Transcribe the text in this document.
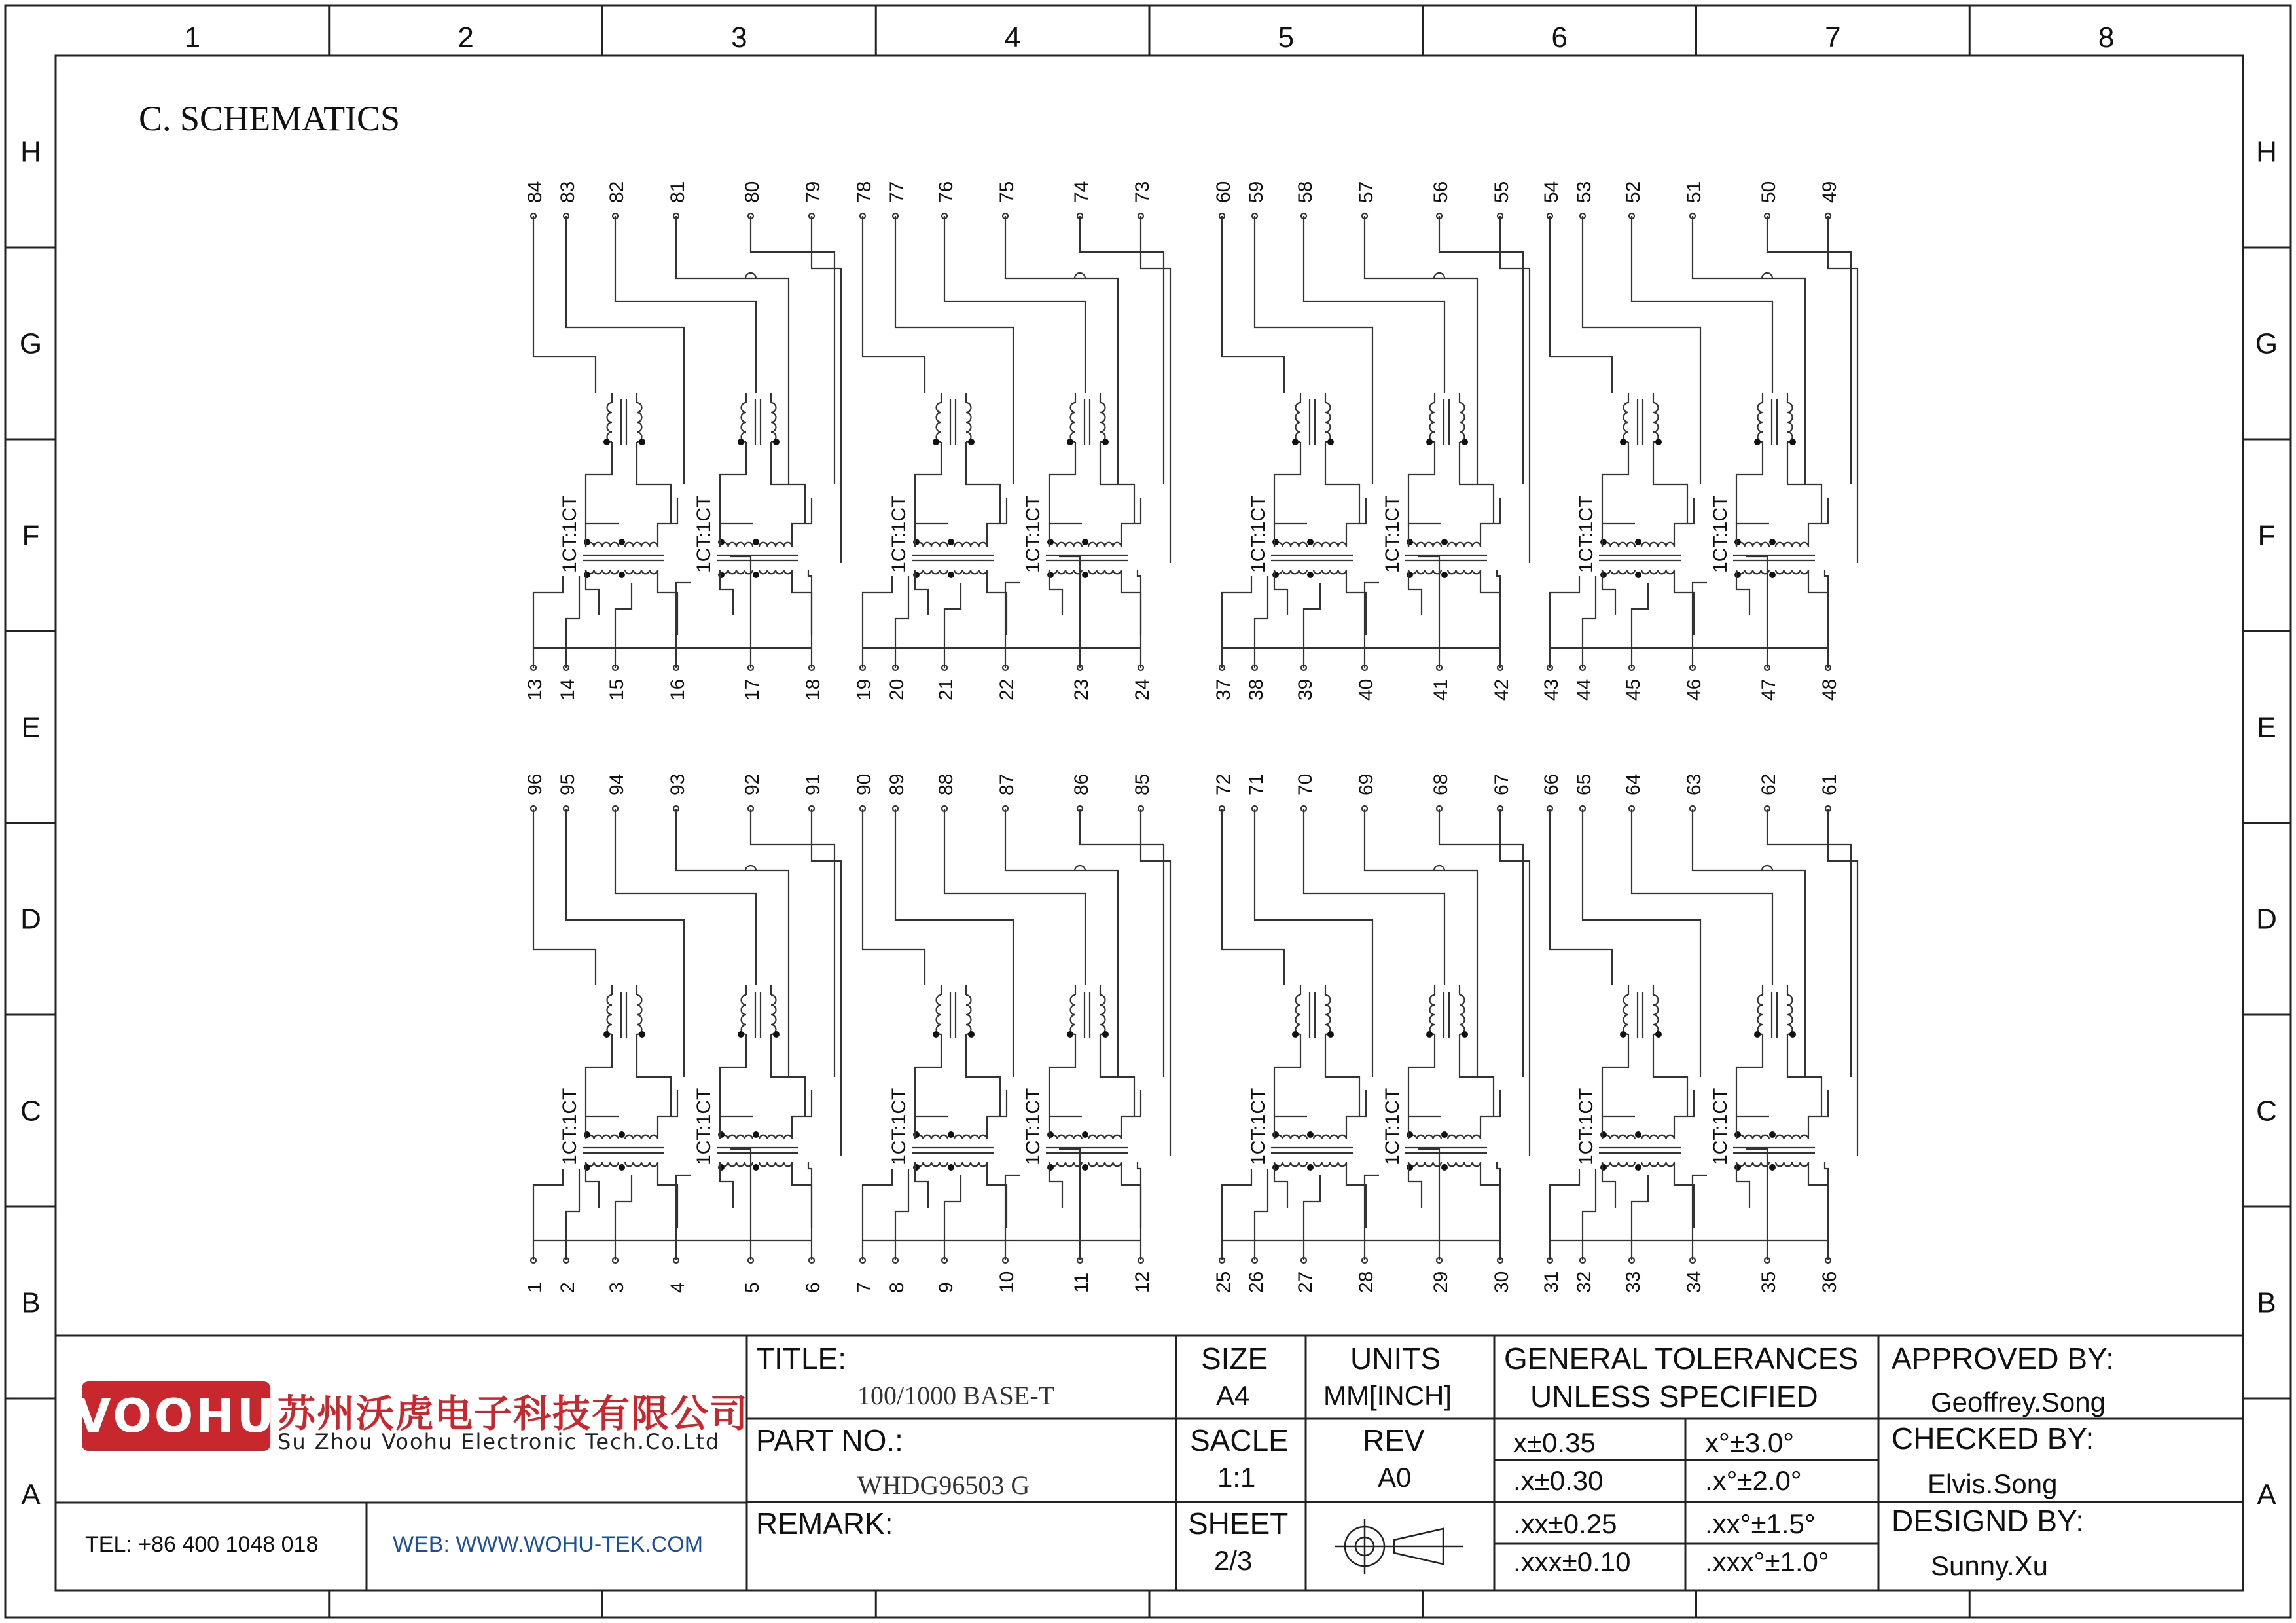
1	2	3	4	5	6	7	8
H	H
G	G
F	F
E	E
D	D
C	C
B	B
A	A
84
13
83
14
82
15
81
16
80
17
79
18
1CT:1CT	1CT:1CT
78
19
77
20
76
21
75
22
74
23
73
24
1CT:1CT	1CT:1CT
60
37
59
38
58
39
57
40
56
41
55
42
1CT:1CT	1CT:1CT
54
43
53
44
52
45
51
46
50
47
49
48
1CT:1CT	1CT:1CT
96
1
95
2
94
3
93
4
92
5
91
6
1CT:1CT	1CT:1CT
90
7
89
8
88
9
87
10
86
11
85
12
1CT:1CT	1CT:1CT
72
25
71
26
70
27
69
28
68
29
67
30
1CT:1CT	1CT:1CT
66
31
65
32
64
33
63
34
62
35
61
36
1CT:1CT	1CT:1CT
C. SCHEMATICS
VOOHU 苏州沃虎电子科技有限公司
Su Zhou Voohu Electronic Tech.Co.Ltd
TEL: +86 400 1048 018	WEB: WWW.WOHU-TEK.COM
TITLE:
100/1000 BASE-T
PART NO.:
WHDG96503 G
REMARK:
SIZE
A4
SACLE
1:1
SHEET
2/3
UNITS
MM[INCH]
REV
A0
GENERAL TOLERANCES
UNLESS SPECIFIED
x±0.35	x°±3.0°
.x±0.30	.x°±2.0°
.xx±0.25	.xx°±1.5°
.xxx±0.10	.xxx°±1.0°
APPROVED BY:
Geoffrey.Song
CHECKED BY:
Elvis.Song
DESIGND BY:
Sunny.Xu
